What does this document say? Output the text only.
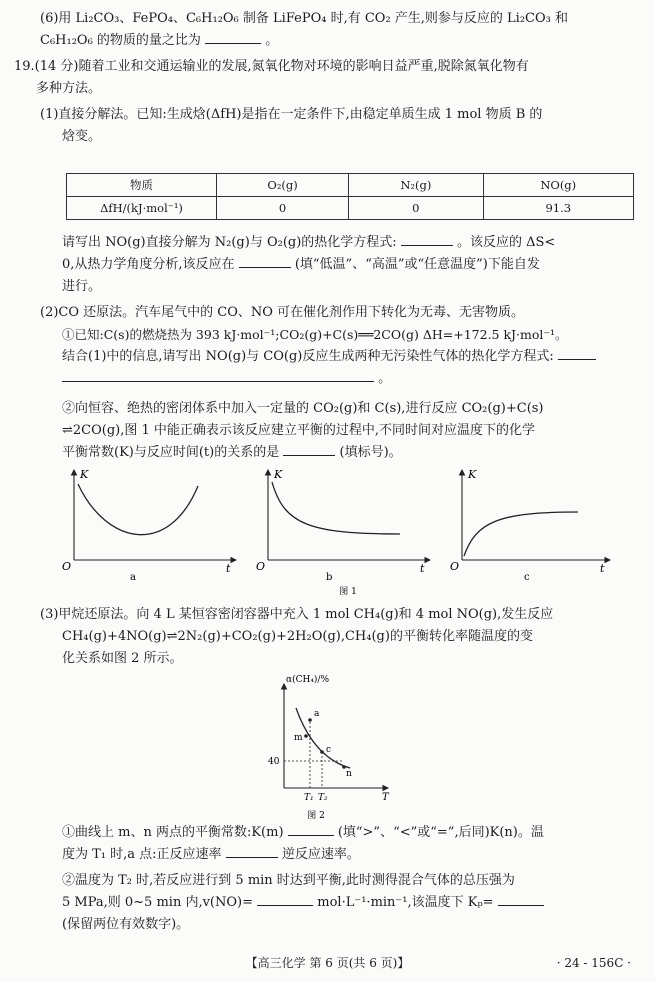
(6)用 Li₂CO₃、FePO₄、C₆H₁₂O₆ 制备 LiFePO₄ 时,有 CO₂ 产生,则参与反应的 Li₂CO₃ 和
C₆H₁₂O₆ 的物质的量之比为	。
19.(14 分)随着工业和交通运输业的发展,氮氧化物对环境的影响日益严重,脱除氮氧化物有
多种方法。
(1)直接分解法。已知:生成焓(ΔfH)是指在一定条件下,由稳定单质生成 1 mol 物质 B 的
焓变。
物质	O₂(g)	N₂(g)	NO(g)
ΔfH/(kJ·mol⁻¹)	0	0	91.3
请写出 NO(g)直接分解为 N₂(g)与 O₂(g)的热化学方程式:	。该反应的 ΔS<
0,从热力学角度分析,该反应在	(填“低温”、“高温”或“任意温度”)下能自发
进行。
(2)CO 还原法。汽车尾气中的 CO、NO 可在催化剂作用下转化为无毒、无害物质。
①已知:C(s)的燃烧热为 393 kJ·mol⁻¹;CO₂(g)+C(s)══2CO(g) ΔH=+172.5 kJ·mol⁻¹。
结合(1)中的信息,请写出 NO(g)与 CO(g)反应生成两种无污染性气体的热化学方程式:
。
②向恒容、绝热的密闭体系中加入一定量的 CO₂(g)和 C(s),进行反应 CO₂(g)+C(s)
⇌2CO(g),图 1 中能正确表示该反应建立平衡的过程中,不同时间对应温度下的化学
平衡常数(K)与反应时间(t)的关系的是	(填标号)。
K
O	t
a
K
O	t
b
K
O	t
c
图 1
(3)甲烷还原法。向 4 L 某恒容密闭容器中充入 1 mol CH₄(g)和 4 mol NO(g),发生反应
CH₄(g)+4NO(g)⇌2N₂(g)+CO₂(g)+2H₂O(g),CH₄(g)的平衡转化率随温度的变
化关系如图 2 所示。
α(CH₄)/%
T
40
a
m
c
n
T₁ T₂
图 2
①曲线上 m、n 两点的平衡常数:K(m)	(填“>”、“<”或“=”,后同)K(n)。温
度为 T₁ 时,a 点:正反应速率	逆反应速率。
②温度为 T₂ 时,若反应进行到 5 min 时达到平衡,此时测得混合气体的总压强为
5 MPa,则 0~5 min 内,v(NO)=	mol·L⁻¹·min⁻¹,该温度下 Kₚ=
(保留两位有效数字)。
【高三化学 第 6 页(共 6 页)】	· 24 - 156C ·
